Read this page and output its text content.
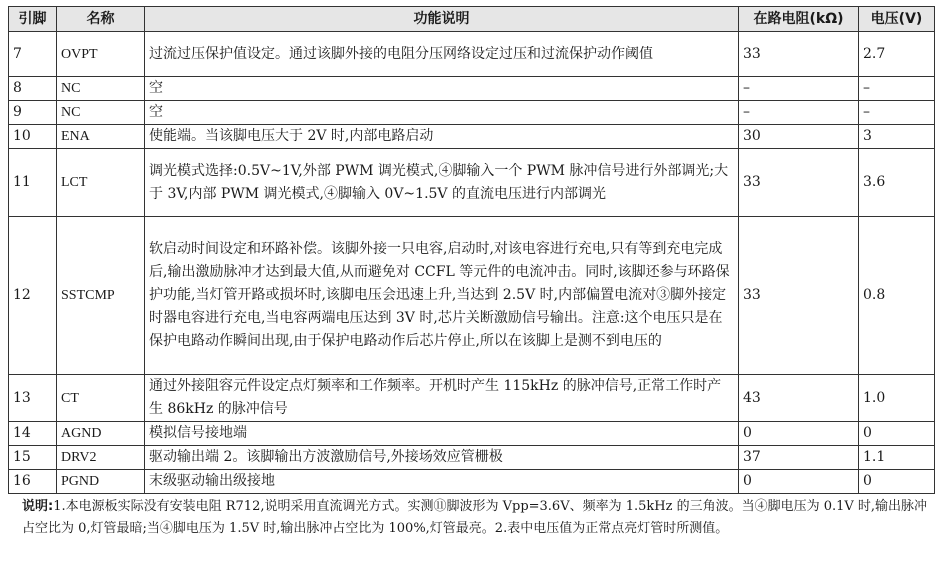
引脚	名称	功能说明	在路电阻(kΩ)	电压(V)
7	OVPT	过流过压保护值设定。通过该脚外接的电阻分压网络设定过压和过流保护动作阈值	33	2.7
8	NC	空	–	–
9	NC	空	–	–
10	ENA	使能端。当该脚电压大于 2V 时,内部电路启动	30	3
11	LCT	调光模式选择:0.5V~1V,外部 PWM 调光模式,④脚输入一个 PWM 脉冲信号进行外部调光;大于 3V,内部 PWM 调光模式,④脚输入 0V~1.5V 的直流电压进行内部调光	33	3.6
12	SSTCMP	软启动时间设定和环路补偿。该脚外接一只电容,启动时,对该电容进行充电,只有等到充电完成后,输出激励脉冲才达到最大值,从而避免对 CCFL 等元件的电流冲击。同时,该脚还参与环路保护功能,当灯管开路或损坏时,该脚电压会迅速上升,当达到 2.5V 时,内部偏置电流对③脚外接定时器电容进行充电,当电容两端电压达到 3V 时,芯片关断激励信号输出。注意:这个电压只是在保护电路动作瞬间出现,由于保护电路动作后芯片停止,所以在该脚上是测不到电压的	33	0.8
13	CT	通过外接阻容元件设定点灯频率和工作频率。开机时产生 115kHz 的脉冲信号,正常工作时产生 86kHz 的脉冲信号	43	1.0
14	AGND	模拟信号接地端	0	0
15	DRV2	驱动输出端 2。该脚输出方波激励信号,外接场效应管栅极	37	1.1
16	PGND	末级驱动输出级接地	0	0
说明:1.本电源板实际没有安装电阻 R712,说明采用直流调光方式。实测⑪脚波形为 Vpp=3.6V、频率为 1.5kHz 的三角波。当④脚电压为 0.1V 时,输出脉冲占空比为 0,灯管最暗;当④脚电压为 1.5V 时,输出脉冲占空比为 100%,灯管最亮。2.表中电压值为正常点亮灯管时所测值。
